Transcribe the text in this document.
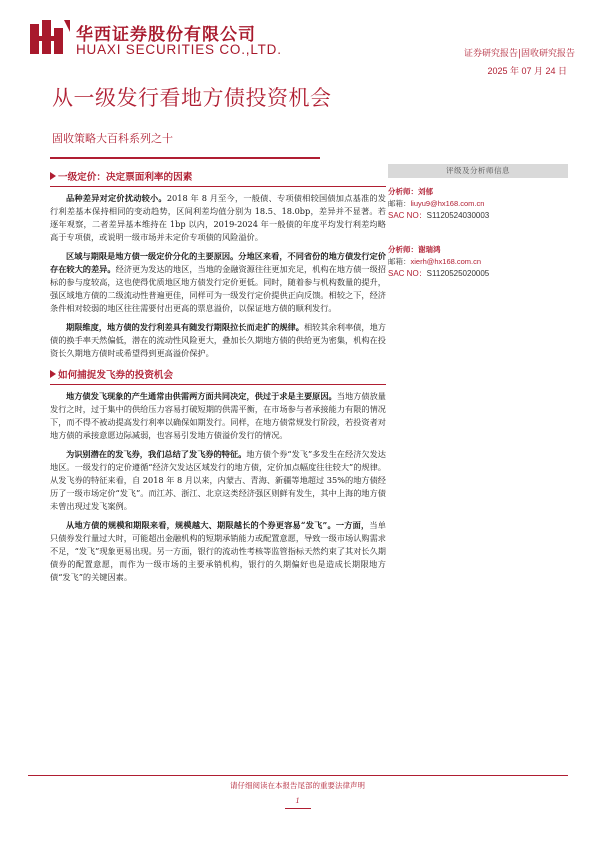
华西证券股份有限公司
HUAXI SECURITIES CO.,LTD.	证券研究报告|固收研究报告
2025 年 07 月 24 日
从一级发行看地方债投资机会
固收策略大百科系列之十
一级定价：决定票面利率的因素

品种差异对定价扰动较小。2018 年 8 月至今，一般债、专项债相较国债加点基准的发行利差基本保持相同的变动趋势，区间利差均值分别为 18.5、18.0bp，差异并不显著。若逐年观察，二者差异基本维持在 1bp 以内，2019-2024 年一般债的年度平均发行利差均略高于专项债，或说明一级市场并未定价专项债的风险溢价。

区域与期限是地方债一级定价分化的主要原因。分地区来看，不同省份的地方债发行定价存在较大的差异。经济更为发达的地区，当地的金融资源往往更加充足，机构在地方债一级招标的参与度较高，这也使得优质地区地方债发行定价更低。同时，随着参与机构数量的提升，强区域地方债的二级流动性普遍更佳，同样可为一级发行定价提供正向反馈。相较之下，经济条件相对较弱的地区往往需要付出更高的票息溢价，以保证地方债的顺利发行。

期限维度，地方债的发行利差具有随发行期限拉长而走扩的规律。相较其余利率债，地方债的换手率天然偏低，潜在的流动性风险更大，叠加长久期地方债的供给更为密集，机构在投资长久期地方债时或希望得到更高溢价保护。

如何捕捉发飞券的投资机会

地方债发飞现象的产生通常由供需两方面共同决定，供过于求是主要原因。当地方债放量发行之时，过于集中的供给压力容易打破短期的供需平衡，在市场参与者承接能力有限的情况下，而不得不被动提高发行利率以确保如期发行。同样，在地方债常规发行阶段，若投资者对地方债的承接意愿边际减弱，也容易引发地方债溢价发行的情况。

为识别潜在的发飞券，我们总结了发飞券的特征。地方债个券“发飞”多发生在经济欠发达地区。一级发行的定价遵循“经济欠发达区域发行的地方债，定价加点幅度往往较大”的规律。从发飞券的特征来看，自 2018 年 8 月以来，内蒙古、青海、新疆等地超过 35%的地方债经历了一级市场定价“发飞”。而江苏、浙江、北京这类经济强区则鲜有发生，其中上海的地方债未曾出现过发飞案例。

从地方债的规模和期限来看，规模越大、期限越长的个券更容易“发飞”。一方面，当单只债券发行量过大时，可能超出金融机构的短期承销能力或配置意愿，导致一级市场认购需求不足，“发飞”现象更易出现。另一方面，银行的流动性考核等监管指标天然约束了其对长久期债券的配置意愿，而作为一级市场的主要承销机构，银行的久期偏好也是造成长期限地方债“发飞”的关键因素。

评级及分析师信息
分析师：刘郁
邮箱：liuyu9@hx168.com.cn
SAC NO：S1120524030003
分析师：谢瑞鸿
邮箱：xierh@hx168.com.cn
SAC NO：S1120525020005
请仔细阅读在本报告尾部的重要法律声明
1
